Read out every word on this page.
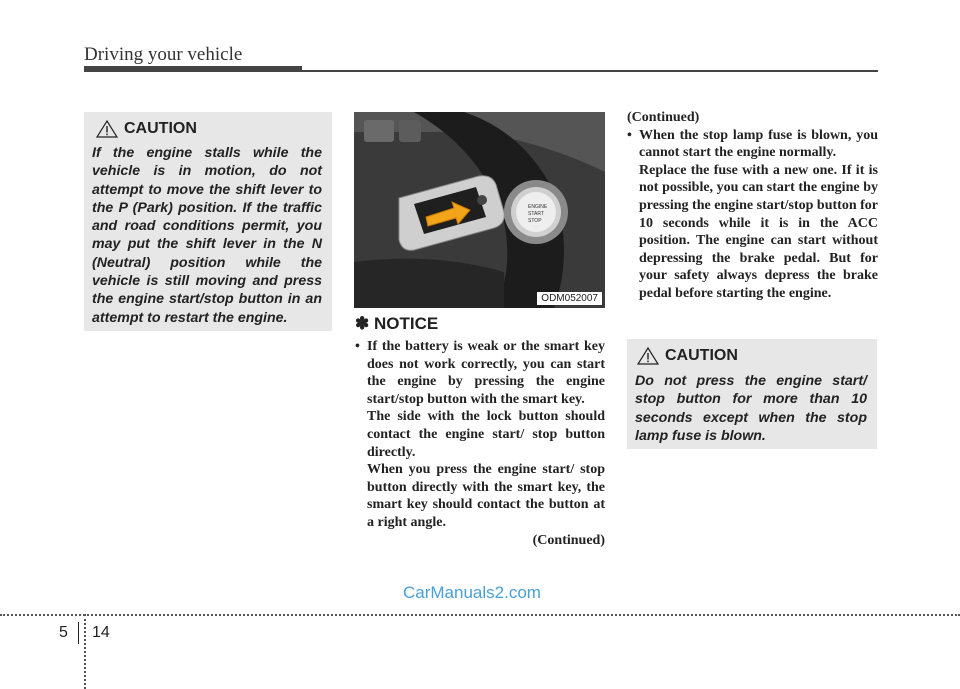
Driving your vehicle
CAUTION
If the engine stalls while the vehicle is in motion, do not attempt to move the shift lever to the P (Park) position. If the traffic and road conditions permit, you may put the shift lever in the N (Neutral) position while the vehicle is still moving and press the engine start/stop button in an attempt to restart the engine.
ENGINE
START
STOP
ODM052007
✽ NOTICE
• If the battery is weak or the smart key does not work correctly, you can start the engine by pressing the engine start/stop button with the smart key.
The side with the lock button should contact the engine start/ stop button directly.
When you press the engine start/ stop button directly with the smart key, the smart key should contact the button at a right angle.
(Continued)
(Continued)
• When the stop lamp fuse is blown, you cannot start the engine normally.
Replace the fuse with a new one. If it is not possible, you can start the engine by pressing the engine start/stop button for 10 seconds while it is in the ACC position. The engine can start without depressing the brake pedal. But for your safety always depress the brake pedal before starting the engine.
CAUTION
Do not press the engine start/ stop button for more than 10 seconds except when the stop lamp fuse is blown.
CarManuals2.com
5 14
